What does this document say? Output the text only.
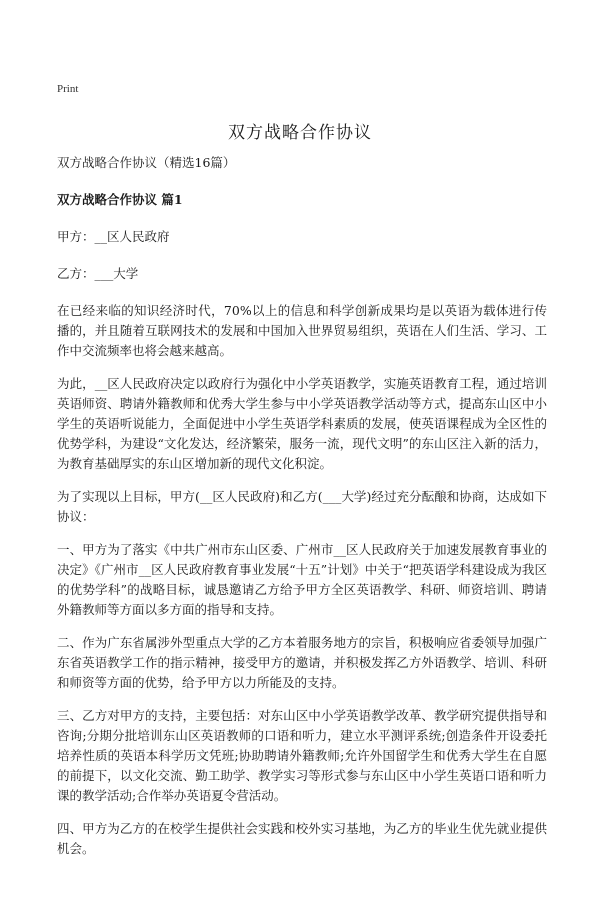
Print
双方战略合作协议

双方战略合作协议（精选16篇）

双方战略合作协议 篇1

甲方：__区人民政府

乙方：___大学

在已经来临的知识经济时代，70%以上的信息和科学创新成果均是以英语为载体进行传播的，并且随着互联网技术的发展和中国加入世界贸易组织，英语在人们生活、学习、工作中交流频率也将会越来越高。

为此，__区人民政府决定以政府行为强化中小学英语教学，实施英语教育工程，通过培训英语师资、聘请外籍教师和优秀大学生参与中小学英语教学活动等方式，提高东山区中小学生的英语听说能力，全面促进中小学生英语学科素质的发展，使英语课程成为全区性的优势学科，为建设“文化发达，经济繁荣，服务一流，现代文明”的东山区注入新的活力，为教育基础厚实的东山区增加新的现代文化积淀。

为了实现以上目标，甲方(__区人民政府)和乙方(___大学)经过充分酝酿和协商，达成如下协议：

一、甲方为了落实《中共广州市东山区委、广州市__区人民政府关于加速发展教育事业的决定》《广州市__区人民政府教育事业发展“十五”计划》中关于“把英语学科建设成为我区的优势学科”的战略目标，诚恳邀请乙方给予甲方全区英语教学、科研、师资培训、聘请外籍教师等方面以多方面的指导和支持。

二、作为广东省属涉外型重点大学的乙方本着服务地方的宗旨，积极响应省委领导加强广东省英语教学工作的指示精神，接受甲方的邀请，并积极发挥乙方外语教学、培训、科研和师资等方面的优势，给予甲方以力所能及的支持。

三、乙方对甲方的支持，主要包括：对东山区中小学英语教学改革、教学研究提供指导和咨询;分期分批培训东山区英语教师的口语和听力，建立水平测评系统;创造条件开设委托培养性质的英语本科学历文凭班;协助聘请外籍教师;允许外国留学生和优秀大学生在自愿的前提下，以文化交流、勤工助学、教学实习等形式参与东山区中小学生英语口语和听力课的教学活动;合作举办英语夏令营活动。

四、甲方为乙方的在校学生提供社会实践和校外实习基地，为乙方的毕业生优先就业提供机会。
